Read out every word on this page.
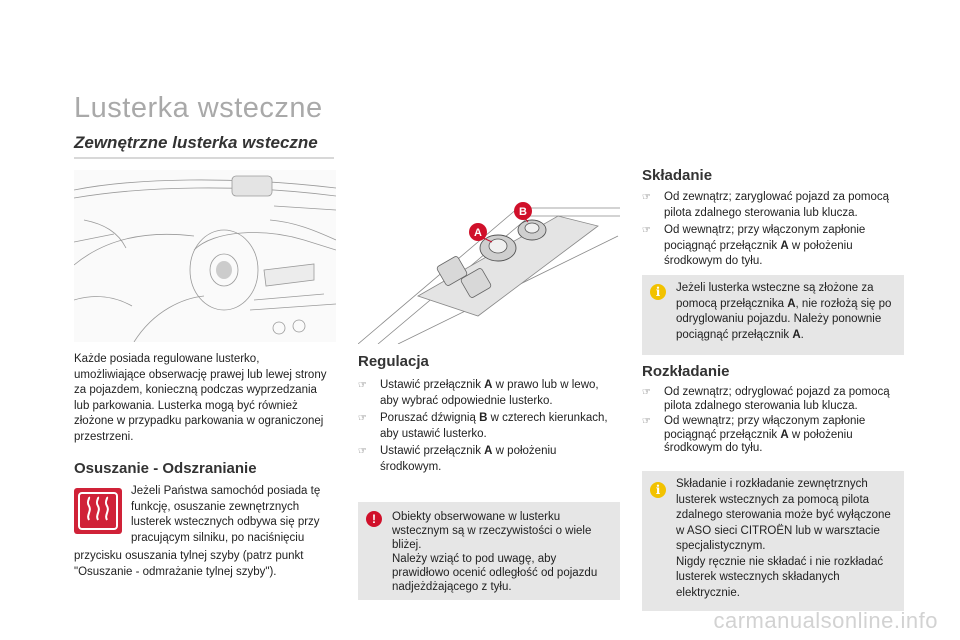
Lusterka wsteczne
Zewnętrzne lusterka wsteczne
Każde posiada regulowane lusterko, umożliwiające obserwację prawej lub lewej strony za pojazdem, konieczną podczas wyprzedzania lub parkowania. Lusterka mogą być również złożone w przypadku parkowania w ograniczonej przestrzeni.
Osuszanie - Odszranianie
Jeżeli Państwa samochód posiada tę funkcję, osuszanie zewnętrznych lusterek wstecznych odbywa się przy pracującym silniku, po naciśnięciu
przycisku osuszania tylnej szyby (patrz punkt "Osuszanie - odmrażanie tylnej szyby").
A
B
Regulacja
☞ Ustawić przełącznik A w prawo lub w lewo, aby wybrać odpowiednie lusterko.
☞ Poruszać dźwignią B w czterech kierunkach, aby ustawić lusterko.
☞ Ustawić przełącznik A w położeniu środkowym.
!	Obiekty obserwowane w lusterku wstecznym są w rzeczywistości o wiele bliżej.
Należy wziąć to pod uwagę, aby prawidłowo ocenić odległość od pojazdu nadjeżdżającego z tyłu.
Składanie
☞ Od zewnątrz; zaryglować pojazd za pomocą pilota zdalnego sterowania lub klucza.
☞ Od wewnątrz; przy włączonym zapłonie pociągnąć przełącznik A w położeniu środkowym do tyłu.
i	Jeżeli lusterka wsteczne są złożone za pomocą przełącznika A, nie rozłożą się po odryglowaniu pojazdu. Należy ponownie pociągnąć przełącznik A.
Rozkładanie
☞ Od zewnątrz; odryglować pojazd za pomocą pilota zdalnego sterowania lub klucza.
☞ Od wewnątrz; przy włączonym zapłonie pociągnąć przełącznik A w położeniu środkowym do tyłu.
i	Składanie i rozkładanie zewnętrznych lusterek wstecznych za pomocą pilota zdalnego sterowania może być wyłączone w ASO sieci CITROËN lub w warsztacie specjalistycznym.
Nigdy ręcznie nie składać i nie rozkładać lusterek wstecznych składanych elektrycznie.
carmanualsonline.info
